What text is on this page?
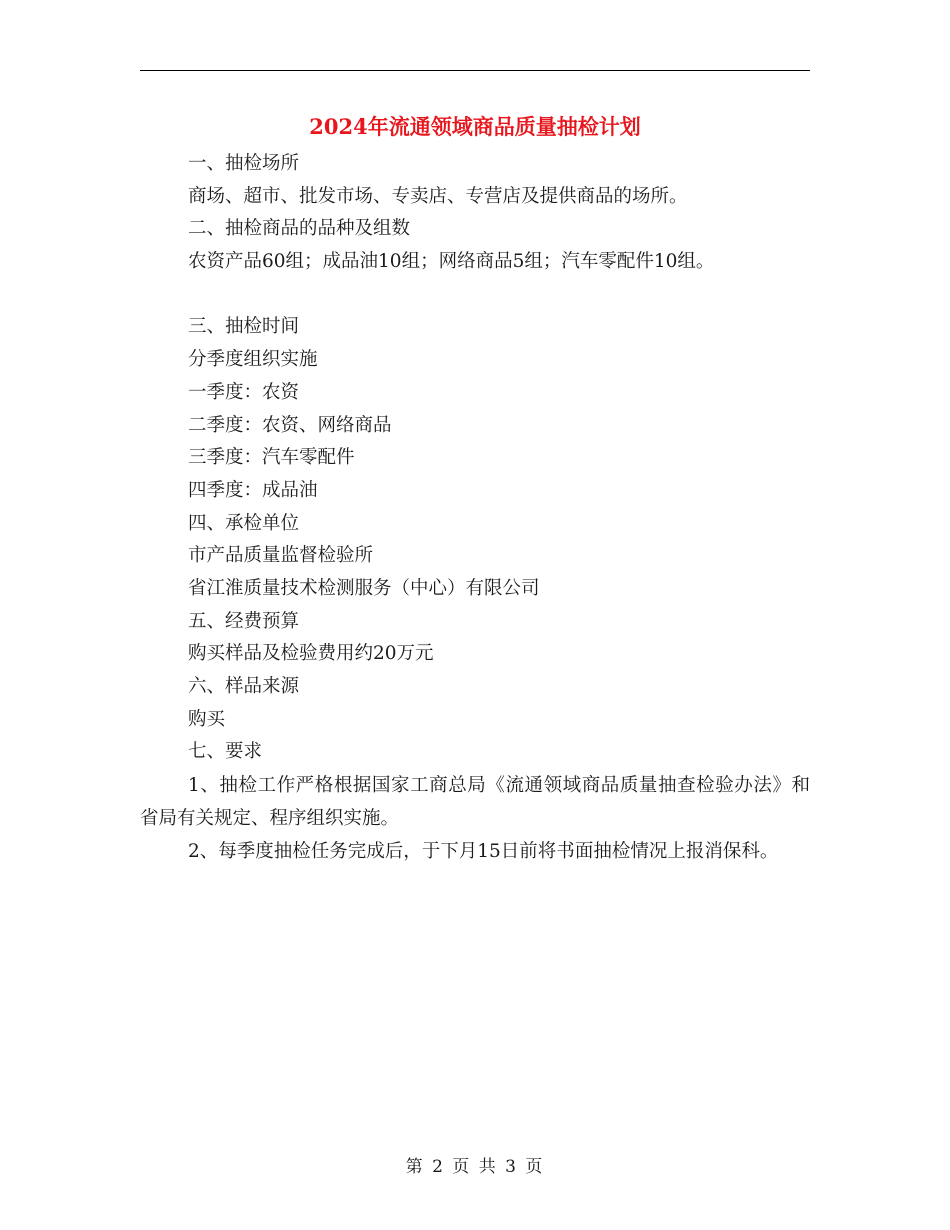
2024年流通领域商品质量抽检计划
一、抽检场所
商场、超市、批发市场、专卖店、专营店及提供商品的场所。
二、抽检商品的品种及组数
农资产品60组；成品油10组；网络商品5组；汽车零配件10组。
三、抽检时间
分季度组织实施
一季度：农资
二季度：农资、网络商品
三季度：汽车零配件
四季度：成品油
四、承检单位
市产品质量监督检验所
省江淮质量技术检测服务（中心）有限公司
五、经费预算
购买样品及检验费用约20万元
六、样品来源
购买
七、要求

1、抽检工作严格根据国家工商总局《流通领域商品质量抽查检验办法》和省局有关规定、程序组织实施。

2、每季度抽检任务完成后，于下月15日前将书面抽检情况上报消保科。

第 2 页 共 3 页
